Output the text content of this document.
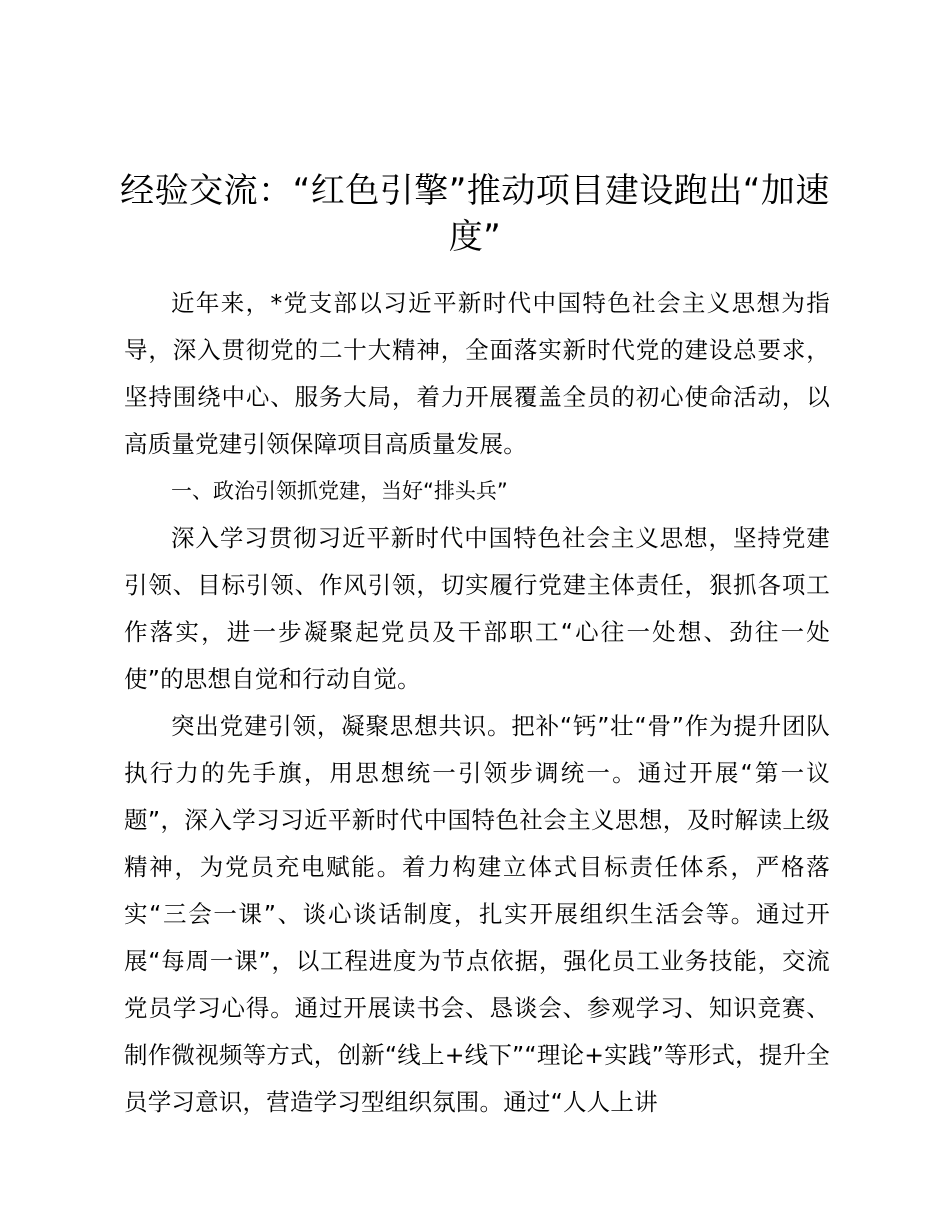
经验交流：“红色引擎”推动项目建设跑出“加速度”

近年来，*党支部以习近平新时代中国特色社会主义思想为指导，深入贯彻党的二十大精神，全面落实新时代党的建设总要求，坚持围绕中心、服务大局，着力开展覆盖全员的初心使命活动，以高质量党建引领保障项目高质量发展。

一、政治引领抓党建，当好“排头兵”

深入学习贯彻习近平新时代中国特色社会主义思想，坚持党建引领、目标引领、作风引领，切实履行党建主体责任，狠抓各项工作落实，进一步凝聚起党员及干部职工“心往一处想、劲往一处使”的思想自觉和行动自觉。

突出党建引领，凝聚思想共识。把补“钙”壮“骨”作为提升团队执行力的先手旗，用思想统一引领步调统一。通过开展“第一议题”，深入学习习近平新时代中国特色社会主义思想，及时解读上级精神，为党员充电赋能。着力构建立体式目标责任体系，严格落实“三会一课”、谈心谈话制度，扎实开展组织生活会等。通过开展“每周一课”，以工程进度为节点依据，强化员工业务技能，交流党员学习心得。通过开展读书会、恳谈会、参观学习、知识竞赛、制作微视频等方式，创新“线上+线下”“理论+实践”等形式，提升全员学习意识，营造学习型组织氛围。通过“人人上讲
